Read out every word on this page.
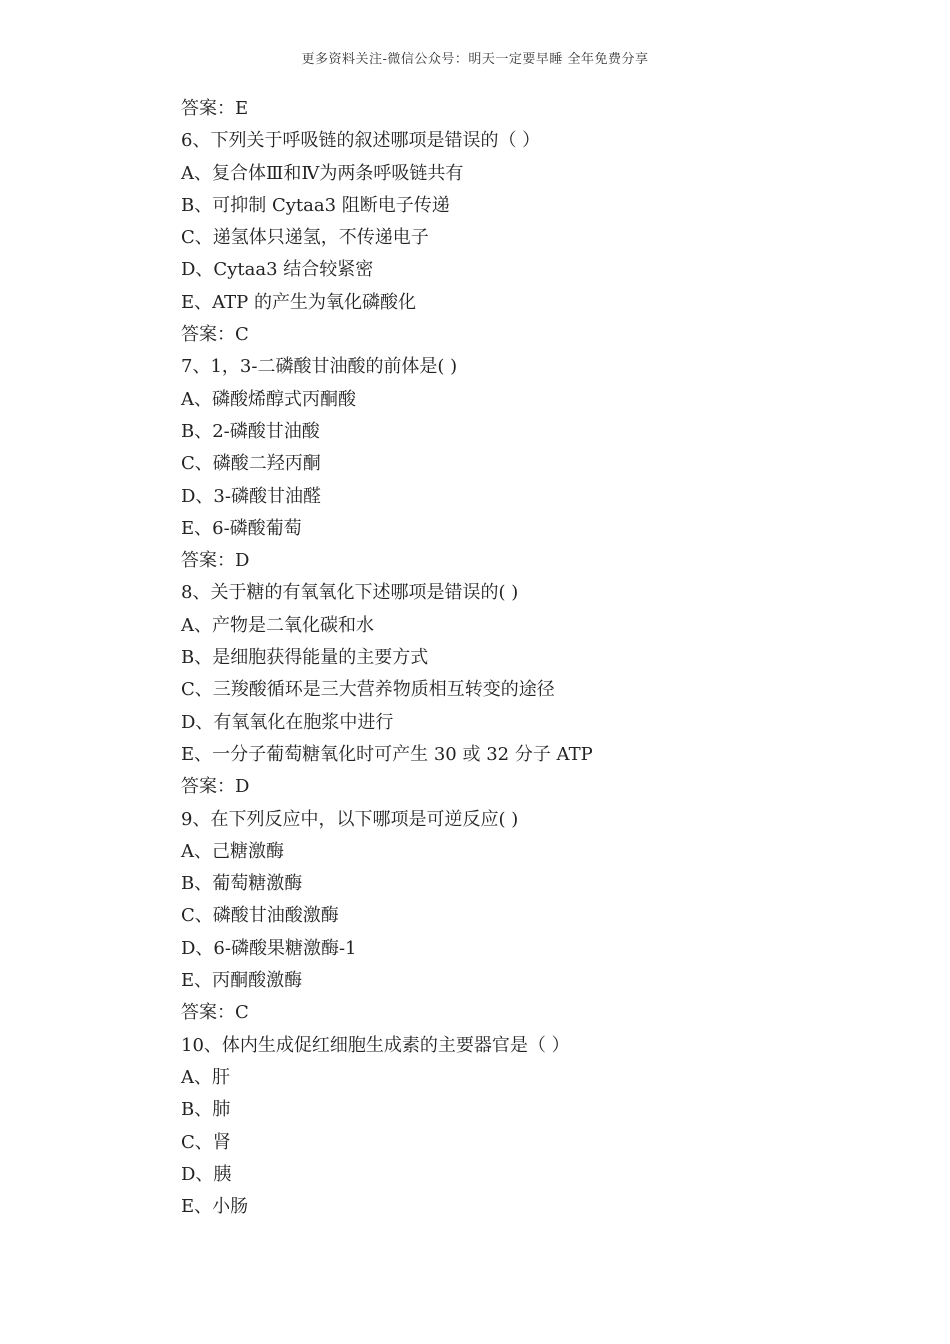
更多资料关注-微信公众号：明天一定要早睡 全年免费分享
答案：E
6、下列关于呼吸链的叙述哪项是错误的（ ）
A、复合体Ⅲ和Ⅳ为两条呼吸链共有
B、可抑制 Cytaa3 阻断电子传递
C、递氢体只递氢，不传递电子
D、Cytaa3 结合较紧密
E、ATP 的产生为氧化磷酸化
答案：C
7、1，3-二磷酸甘油酸的前体是( )
A、磷酸烯醇式丙酮酸
B、2-磷酸甘油酸
C、磷酸二羟丙酮
D、3-磷酸甘油醛
E、6-磷酸葡萄
答案：D
8、关于糖的有氧氧化下述哪项是错误的( )
A、产物是二氧化碳和水
B、是细胞获得能量的主要方式
C、三羧酸循环是三大营养物质相互转变的途径
D、有氧氧化在胞浆中进行
E、一分子葡萄糖氧化时可产生 30 或 32 分子 ATP
答案：D
9、在下列反应中，以下哪项是可逆反应( )
A、己糖激酶
B、葡萄糖激酶
C、磷酸甘油酸激酶
D、6-磷酸果糖激酶-1
E、丙酮酸激酶
答案：C
10、体内生成促红细胞生成素的主要器官是（ ）
A、肝
B、肺
C、肾
D、胰
E、小肠
